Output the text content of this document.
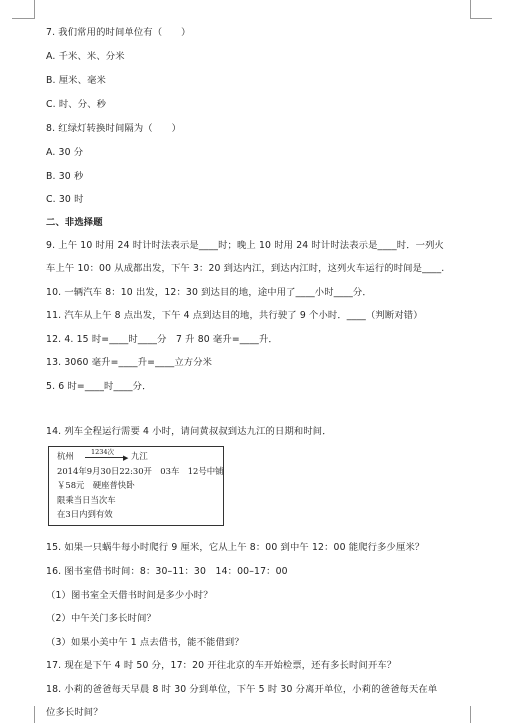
7. 我们常用的时间单位有（　　）
A. 千米、米、分米
B. 厘米、毫米
C. 时、分、秒
8. 红绿灯转换时间隔为（　　）
A. 30 分
B. 30 秒
C. 30 时
二、非选择题
9. 上午 10 时用 24 时计时法表示是____时；晚上 10 时用 24 时计时法表示是____时．一列火
车上午 10：00 从成都出发，下午 3：20 到达内江，到达内江时，这列火车运行的时间是____.
10. 一辆汽车 8：10 出发，12：30 到达目的地，途中用了____小时____分．
11. 汽车从上午 8 点出发，下午 4 点到达目的地，共行驶了 9 个小时．____（判断对错）
12. 4. 15 时=____时____分　7 升 80 毫升=____升．
13. 3060 毫升=____升=____立方分米
5. 6 时=____时____分．
14. 列车全程运行需要 4 小时，请问黄叔叔到达九江的日期和时间．
杭州	1234次
▶ 九江
2014年9月30日22:30开　03车　12号中铺
￥58元　硬座普快卧
限乘当日当次车
在3日内到有效
15. 如果一只蜗牛每小时爬行 9 厘米，它从上午 8：00 到中午 12：00 能爬行多少厘米？
16. 图书室借书时间：8：30–11：30　14：00–17：00
（1）图书室全天借书时间是多少小时？
（2）中午关门多长时间？
（3）如果小美中午 1 点去借书，能不能借到？
17. 现在是下午 4 时 50 分，17：20 开往北京的车开始检票，还有多长时间开车？
18. 小莉的爸爸每天早晨 8 时 30 分到单位，下午 5 时 30 分离开单位，小莉的爸爸每天在单
位多长时间？
